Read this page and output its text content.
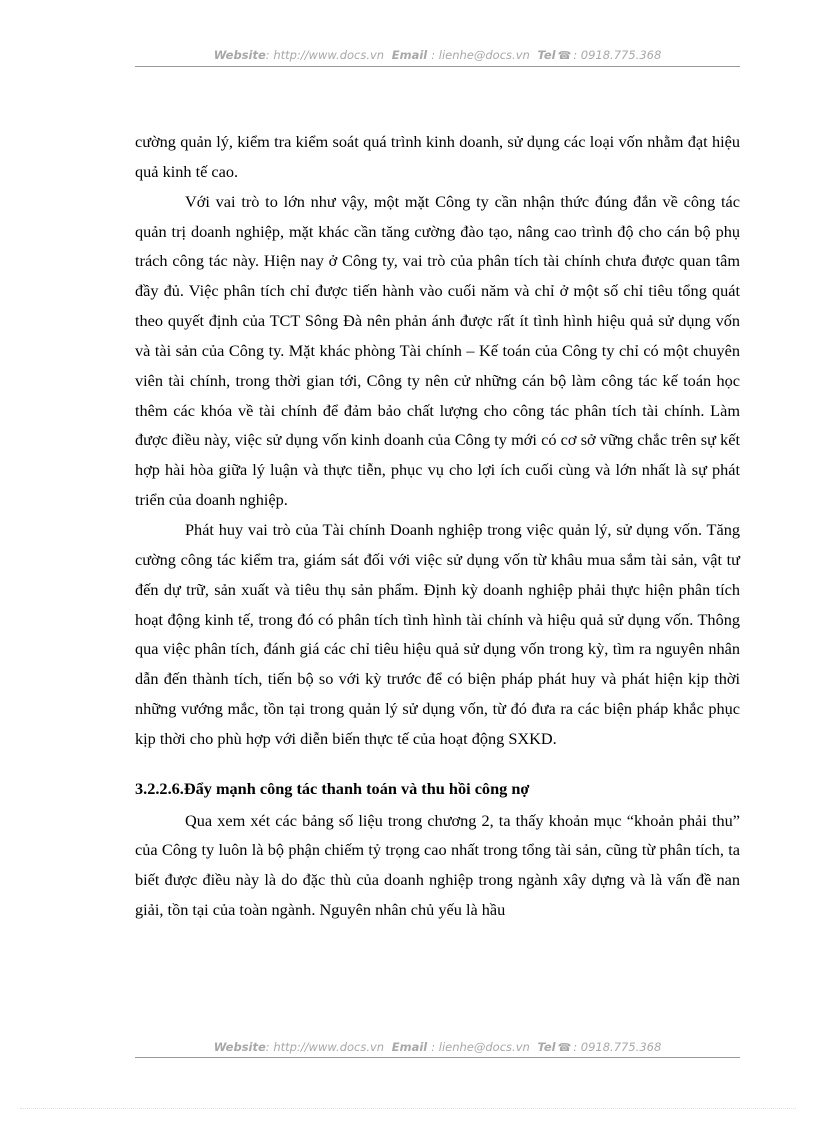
Website: http://www.docs.vn Email : lienhe@docs.vn Tel ☎ : 0918.775.368

cường quản lý, kiểm tra kiểm soát quá trình kinh doanh, sử dụng các loại vốn nhằm đạt hiệu quả kinh tế cao.

Với vai trò to lớn như vậy, một mặt Công ty cần nhận thức đúng đắn về công tác quản trị doanh nghiệp, mặt khác cần tăng cường đào tạo, nâng cao trình độ cho cán bộ phụ trách công tác này. Hiện nay ở Công ty, vai trò của phân tích tài chính chưa được quan tâm đầy đủ. Việc phân tích chỉ được tiến hành vào cuối năm và chỉ ở một số chỉ tiêu tổng quát theo quyết định của TCT Sông Đà nên phản ánh được rất ít tình hình hiệu quả sử dụng vốn và tài sản của Công ty. Mặt khác phòng Tài chính – Kế toán của Công ty chỉ có một chuyên viên tài chính, trong thời gian tới, Công ty nên cử những cán bộ làm công tác kế toán học thêm các khóa về tài chính để đảm bảo chất lượng cho công tác phân tích tài chính. Làm được điều này, việc sử dụng vốn kinh doanh của Công ty mới có cơ sở vững chắc trên sự kết hợp hài hòa giữa lý luận và thực tiễn, phục vụ cho lợi ích cuối cùng và lớn nhất là sự phát triển của doanh nghiệp.

Phát huy vai trò của Tài chính Doanh nghiệp trong việc quản lý, sử dụng vốn. Tăng cường công tác kiểm tra, giám sát đối với việc sử dụng vốn từ khâu mua sắm tài sản, vật tư đến dự trữ, sản xuất và tiêu thụ sản phẩm. Định kỳ doanh nghiệp phải thực hiện phân tích hoạt động kinh tế, trong đó có phân tích tình hình tài chính và hiệu quả sử dụng vốn. Thông qua việc phân tích, đánh giá các chỉ tiêu hiệu quả sử dụng vốn trong kỳ, tìm ra nguyên nhân dẫn đến thành tích, tiến bộ so với kỳ trước để có biện pháp phát huy và phát hiện kịp thời những vướng mắc, tồn tại trong quản lý sử dụng vốn, từ đó đưa ra các biện pháp khắc phục kịp thời cho phù hợp với diễn biến thực tế của hoạt động SXKD.

3.2.2.6.Đẩy mạnh công tác thanh toán và thu hồi công nợ

Qua xem xét các bảng số liệu trong chương 2, ta thấy khoản mục “khoản phải thu” của Công ty luôn là bộ phận chiếm tỷ trọng cao nhất trong tổng tài sản, cũng từ phân tích, ta biết được điều này là do đặc thù của doanh nghiệp trong ngành xây dựng và là vấn đề nan giải, tồn tại của toàn ngành. Nguyên nhân chủ yếu là hầu

Website: http://www.docs.vn Email : lienhe@docs.vn Tel ☎ : 0918.775.368
